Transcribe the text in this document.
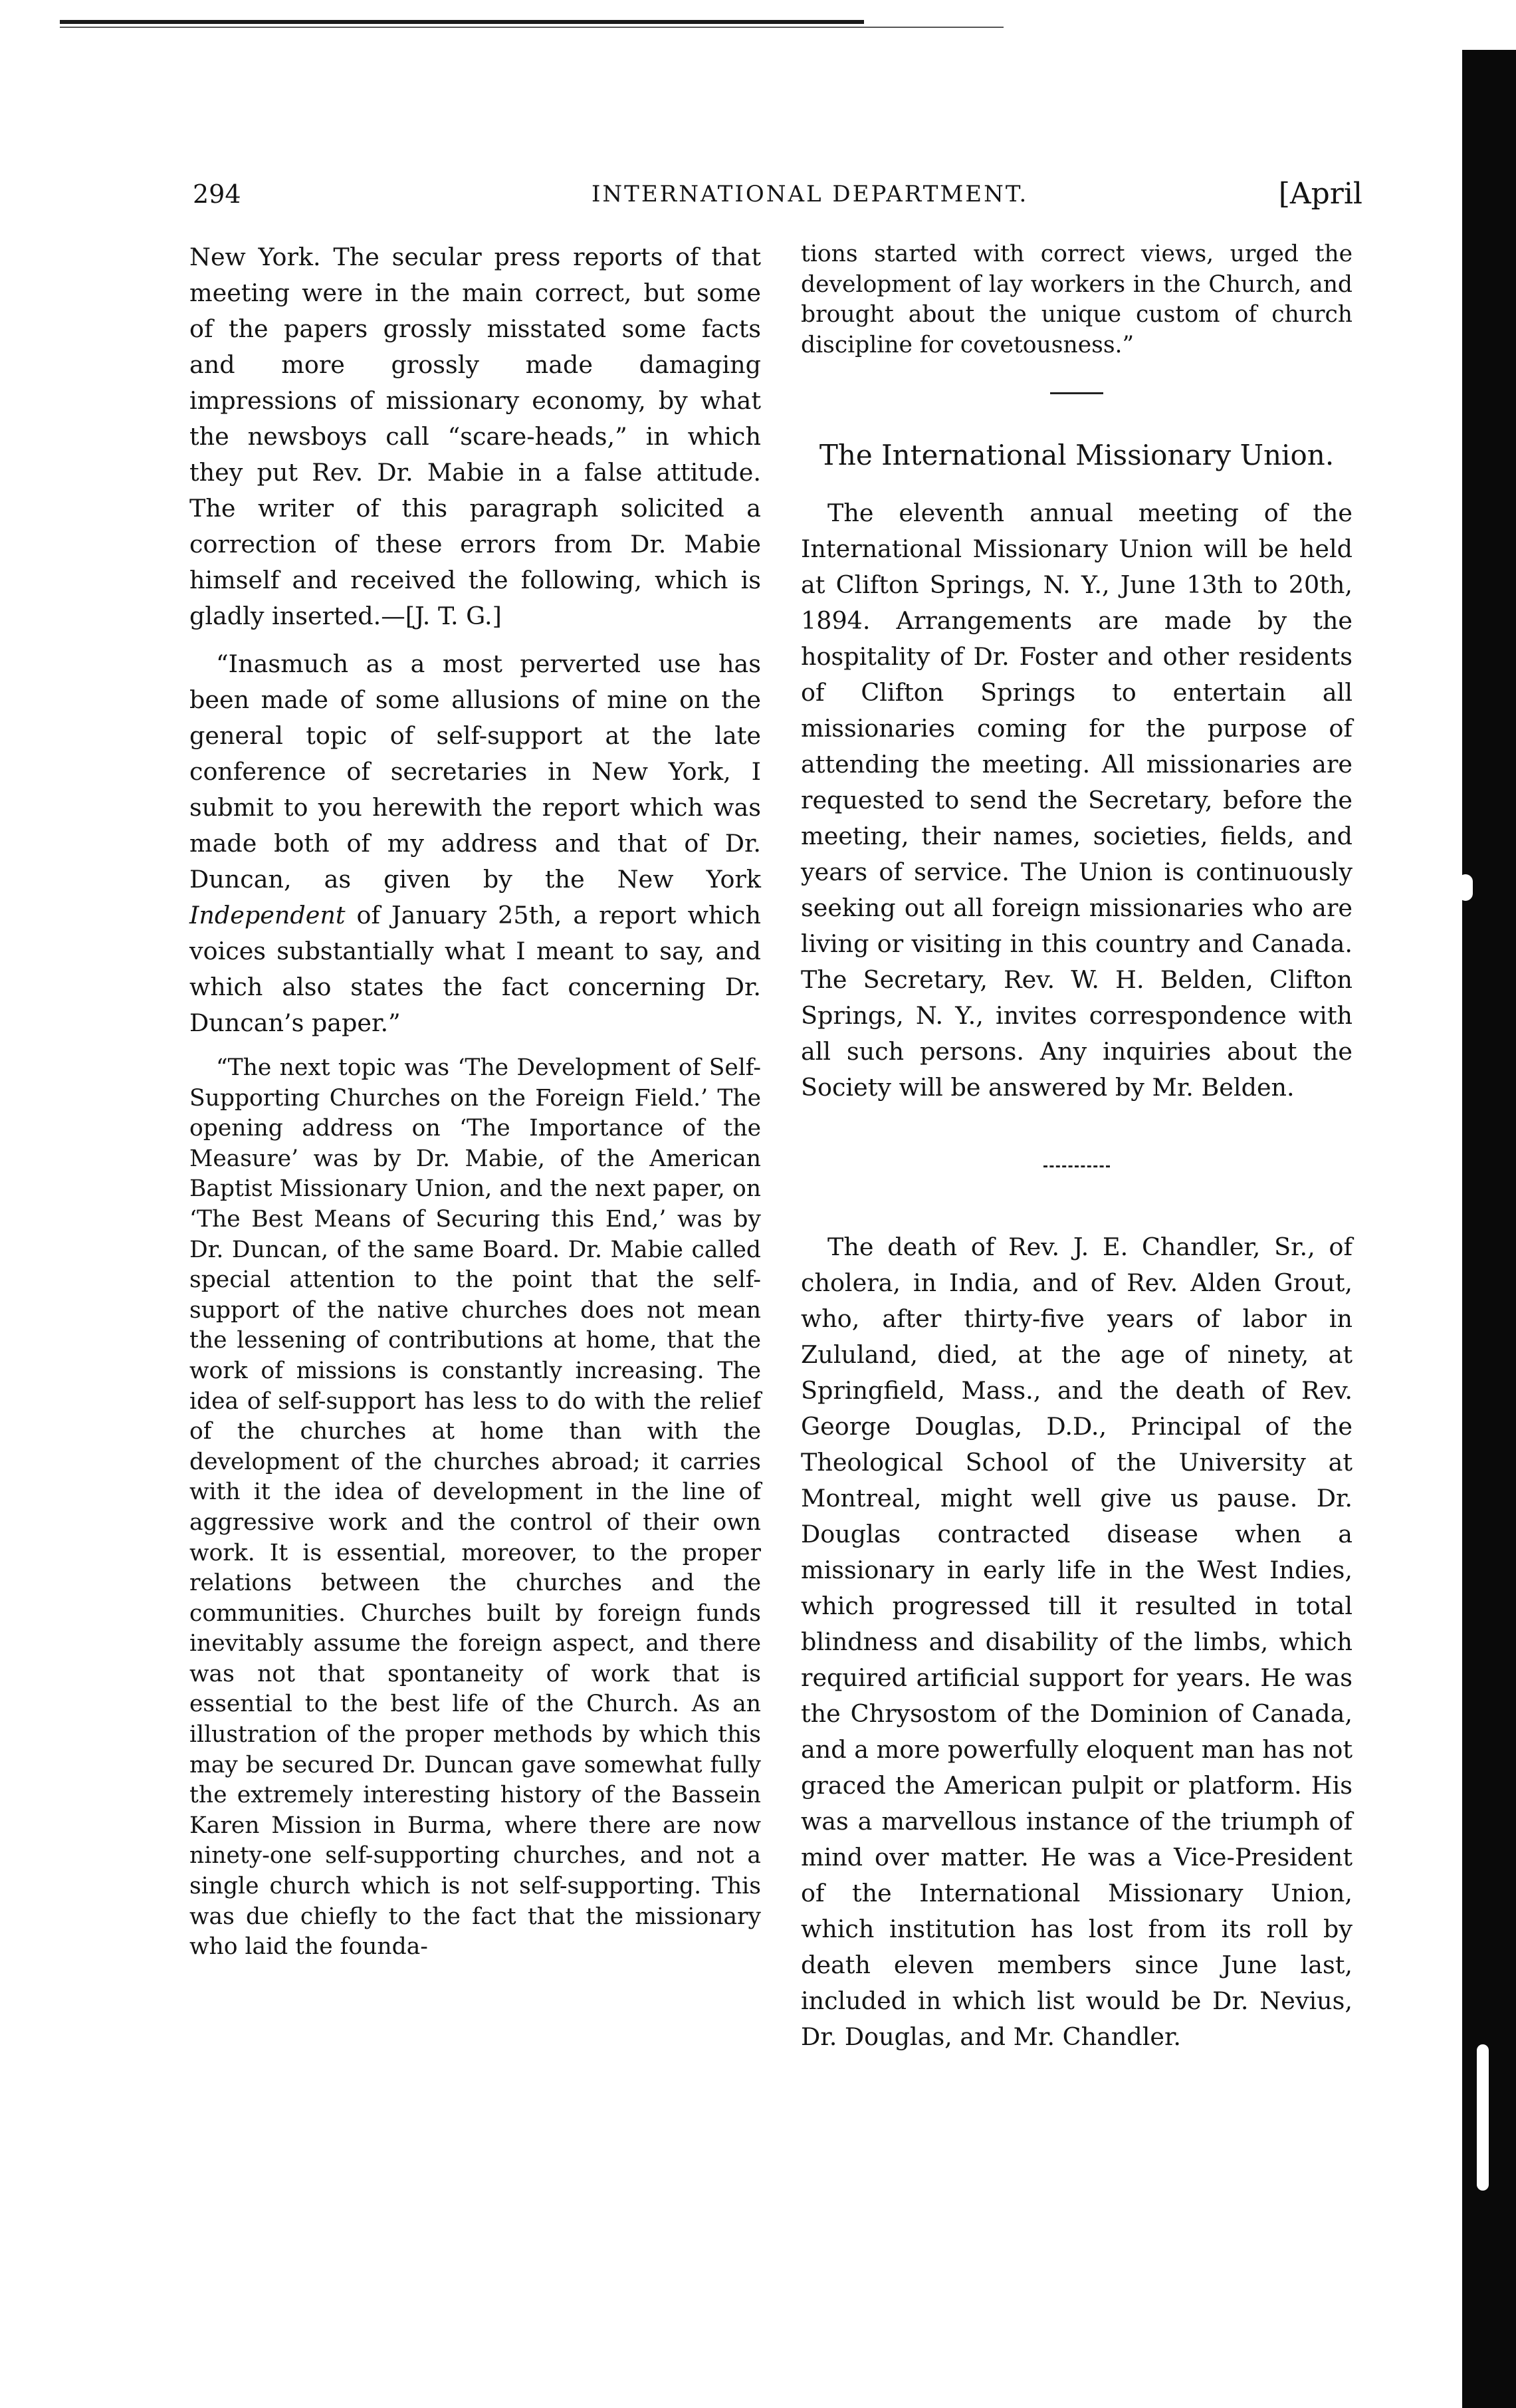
294	INTERNATIONAL DEPARTMENT.	[April

New York. The secular press reports of that meeting were in the main correct, but some of the papers grossly misstated some facts and more grossly made damaging impressions of missionary economy, by what the newsboys call “scare-heads,” in which they put Rev. Dr. Mabie in a false attitude. The writer of this paragraph solicited a correction of these errors from Dr. Mabie himself and received the following, which is gladly inserted.—[J. T. G.]

“Inasmuch as a most perverted use has been made of some allusions of mine on the general topic of self-support at the late conference of secretaries in New York, I submit to you herewith the report which was made both of my address and that of Dr. Duncan, as given by the New York Independent of January 25th, a report which voices substantially what I meant to say, and which also states the fact concerning Dr. Duncan’s paper.”

“The next topic was ‘The Development of Self-Supporting Churches on the Foreign Field.’ The opening address on ‘The Importance of the Measure’ was by Dr. Mabie, of the American Baptist Missionary Union, and the next paper, on ‘The Best Means of Securing this End,’ was by Dr. Duncan, of the same Board. Dr. Mabie called special attention to the point that the self-support of the native churches does not mean the lessening of contributions at home, that the work of missions is constantly increasing. The idea of self-support has less to do with the relief of the churches at home than with the development of the churches abroad; it carries with it the idea of development in the line of aggressive work and the control of their own work. It is essential, moreover, to the proper relations between the churches and the communities. Churches built by foreign funds inevitably assume the foreign aspect, and there was not that spontaneity of work that is essential to the best life of the Church. As an illustration of the proper methods by which this may be secured Dr. Duncan gave somewhat fully the extremely interesting history of the Bassein Karen Mission in Burma, where there are now ninety-one self-supporting churches, and not a single church which is not self-supporting. This was due chiefly to the fact that the missionary who laid the founda-

tions started with correct views, urged the development of lay workers in the Church, and brought about the unique custom of church discipline for covetousness.”

The International Missionary Union.

The eleventh annual meeting of the International Missionary Union will be held at Clifton Springs, N. Y., June 13th to 20th, 1894. Arrangements are made by the hospitality of Dr. Foster and other residents of Clifton Springs to entertain all missionaries coming for the purpose of attending the meeting. All missionaries are requested to send the Secretary, before the meeting, their names, societies, fields, and years of service. The Union is continuously seeking out all foreign missionaries who are living or visiting in this country and Canada. The Secretary, Rev. W. H. Belden, Clifton Springs, N. Y., invites correspondence with all such persons. Any inquiries about the Society will be answered by Mr. Belden.

The death of Rev. J. E. Chandler, Sr., of cholera, in India, and of Rev. Alden Grout, who, after thirty-five years of labor in Zululand, died, at the age of ninety, at Springfield, Mass., and the death of Rev. George Douglas, D.D., Principal of the Theological School of the University at Montreal, might well give us pause. Dr. Douglas contracted disease when a missionary in early life in the West Indies, which progressed till it resulted in total blindness and disability of the limbs, which required artificial support for years. He was the Chrysostom of the Dominion of Canada, and a more powerfully eloquent man has not graced the American pulpit or platform. His was a marvellous instance of the triumph of mind over matter. He was a Vice-President of the International Missionary Union, which institution has lost from its roll by death eleven members since June last, included in which list would be Dr. Nevius, Dr. Douglas, and Mr. Chandler.
